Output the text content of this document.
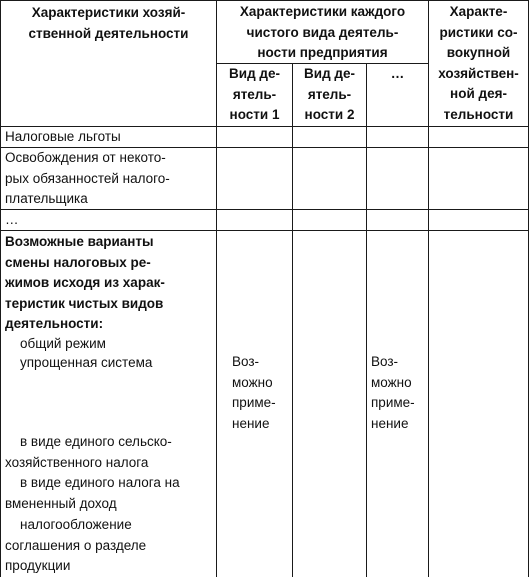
Характеристики хозяй-
ственной деятельности
Характеристики каждого
чистого вида деятель-
ности предприятия
Вид де-
ятель-
ности 1
Вид де-
ятель-
ности 2
…
Характе-
ристики со-
вокупной
хозяйствен-
ной дея-
тельности
Налоговые льготы
Освобождения от некото-
рых обязанностей налого-
плательщика
…
Возможные варианты
смены налоговых ре-
жимов исходя из харак-
теристик чистых видов
деятельности:
общий режим
упрощенная система
в виде единого сельско-
хозяйственного налога
в виде единого налога на
вмененный доход
налогообложение
соглашения о разделе
продукции
Воз-
можно
приме-
нение
Воз-
можно
приме-
нение
